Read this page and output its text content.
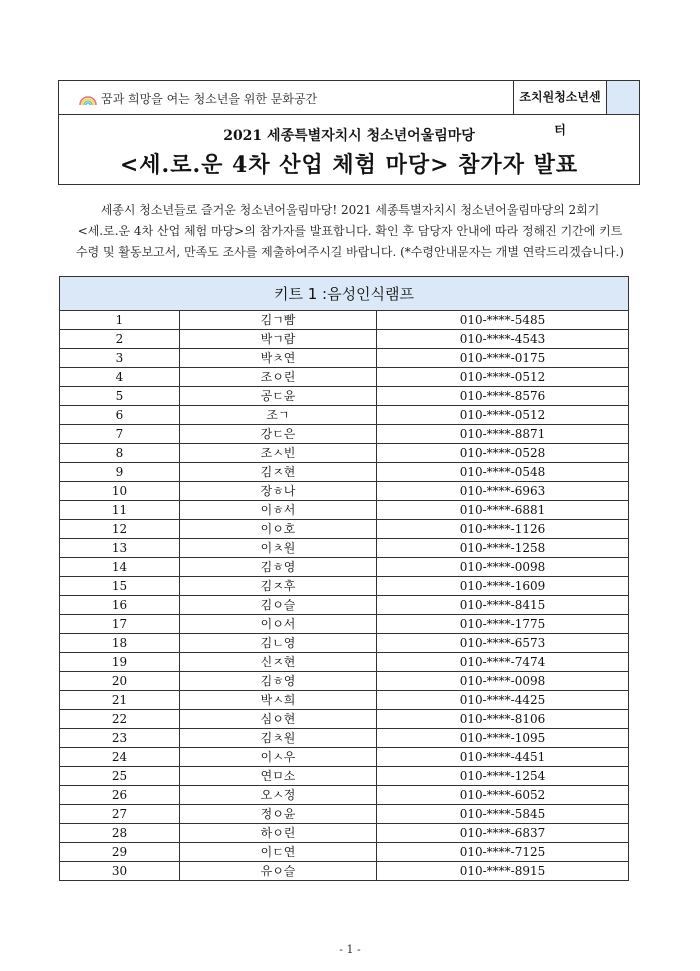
꿈과 희망을 여는 청소년을 위한 문화공간	조치원청소년센터
2021 세종특별자치시 청소년어울림마당
<세.로.운 4차 산업 체험 마당> 참가자 발표
세종시 청소년들로 즐거운 청소년어울림마당! 2021 세종특별자치시 청소년어울림마당의 2회기
<세.로.운 4차 산업 체험 마당>의 참가자를 발표합니다. 확인 후 담당자 안내에 따라 정해진 기간에 키트
수령 및 활동보고서, 만족도 조사를 제출하여주시길 바랍니다. (*수령안내문자는 개별 연락드리겠습니다.)
키트 1 :음성인식램프		
1	김ㄱ빰	010-****-5485
2	박ㄱ람	010-****-4543
3	박ㅊ연	010-****-0175
4	조ㅇ린	010-****-0512
5	공ㄷ윤	010-****-8576
6	조ㄱ	010-****-0512
7	강ㄷ은	010-****-8871
8	조ㅅ빈	010-****-0528
9	김ㅈ현	010-****-0548
10	장ㅎ나	010-****-6963
11	이ㅎ서	010-****-6881
12	이ㅇ호	010-****-1126
13	이ㅊ원	010-****-1258
14	김ㅎ영	010-****-0098
15	김ㅈ후	010-****-1609
16	김ㅇ슬	010-****-8415
17	이ㅇ서	010-****-1775
18	김ㄴ영	010-****-6573
19	신ㅈ현	010-****-7474
20	김ㅎ영	010-****-0098
21	박ㅅ희	010-****-4425
22	심ㅇ현	010-****-8106
23	김ㅊ원	010-****-1095
24	이ㅅ우	010-****-4451
25	연ㅁ소	010-****-1254
26	오ㅅ정	010-****-6052
27	정ㅇ윤	010-****-5845
28	하ㅇ린	010-****-6837
29	이ㄷ연	010-****-7125
30	유ㅇ슬	010-****-8915
- 1 -
